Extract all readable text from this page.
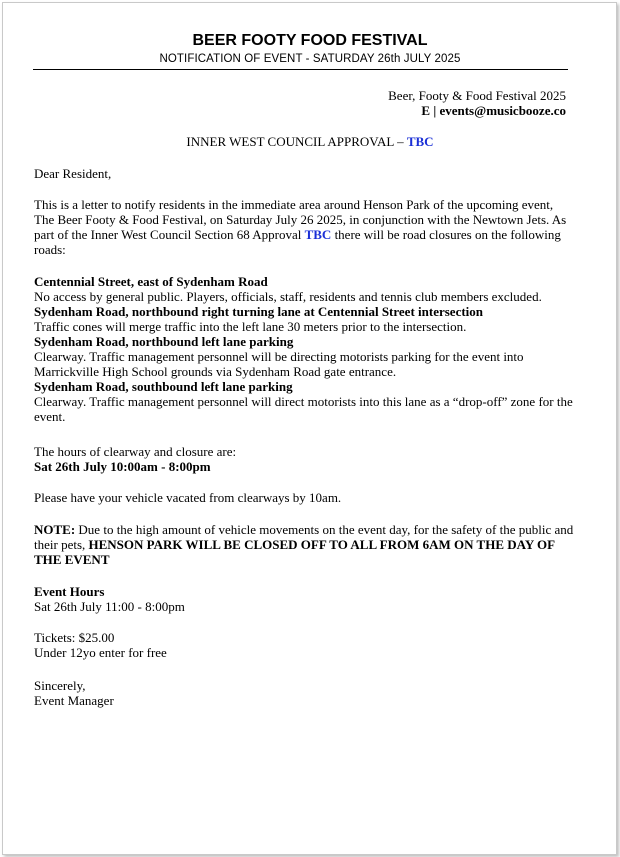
BEER FOOTY FOOD FESTIVAL
NOTIFICATION OF EVENT - SATURDAY 26th JULY 2025
Beer, Footy & Food Festival 2025
E | events@musicbooze.co
INNER WEST COUNCIL APPROVAL – TBC
Dear Resident,
This is a letter to notify residents in the immediate area around Henson Park of the upcoming event, The Beer Footy & Food Festival, on Saturday July 26 2025, in conjunction with the Newtown Jets. As part of the Inner West Council Section 68 Approval TBC there will be road closures on the following roads:
Centennial Street, east of Sydenham Road
No access by general public. Players, officials, staff, residents and tennis club members excluded.
Sydenham Road, northbound right turning lane at Centennial Street intersection
Traffic cones will merge traffic into the left lane 30 meters prior to the intersection.
Sydenham Road, northbound left lane parking
Clearway. Traffic management personnel will be directing motorists parking for the event into Marrickville High School grounds via Sydenham Road gate entrance.
Sydenham Road, southbound left lane parking
Clearway. Traffic management personnel will direct motorists into this lane as a “drop-off” zone for the event.
The hours of clearway and closure are:
Sat 26th July 10:00am - 8:00pm
Please have your vehicle vacated from clearways by 10am.
NOTE: Due to the high amount of vehicle movements on the event day, for the safety of the public and their pets, HENSON PARK WILL BE CLOSED OFF TO ALL FROM 6AM ON THE DAY OF THE EVENT
Event Hours
Sat 26th July 11:00 - 8:00pm
Tickets: $25.00
Under 12yo enter for free
Sincerely,
Event Manager
